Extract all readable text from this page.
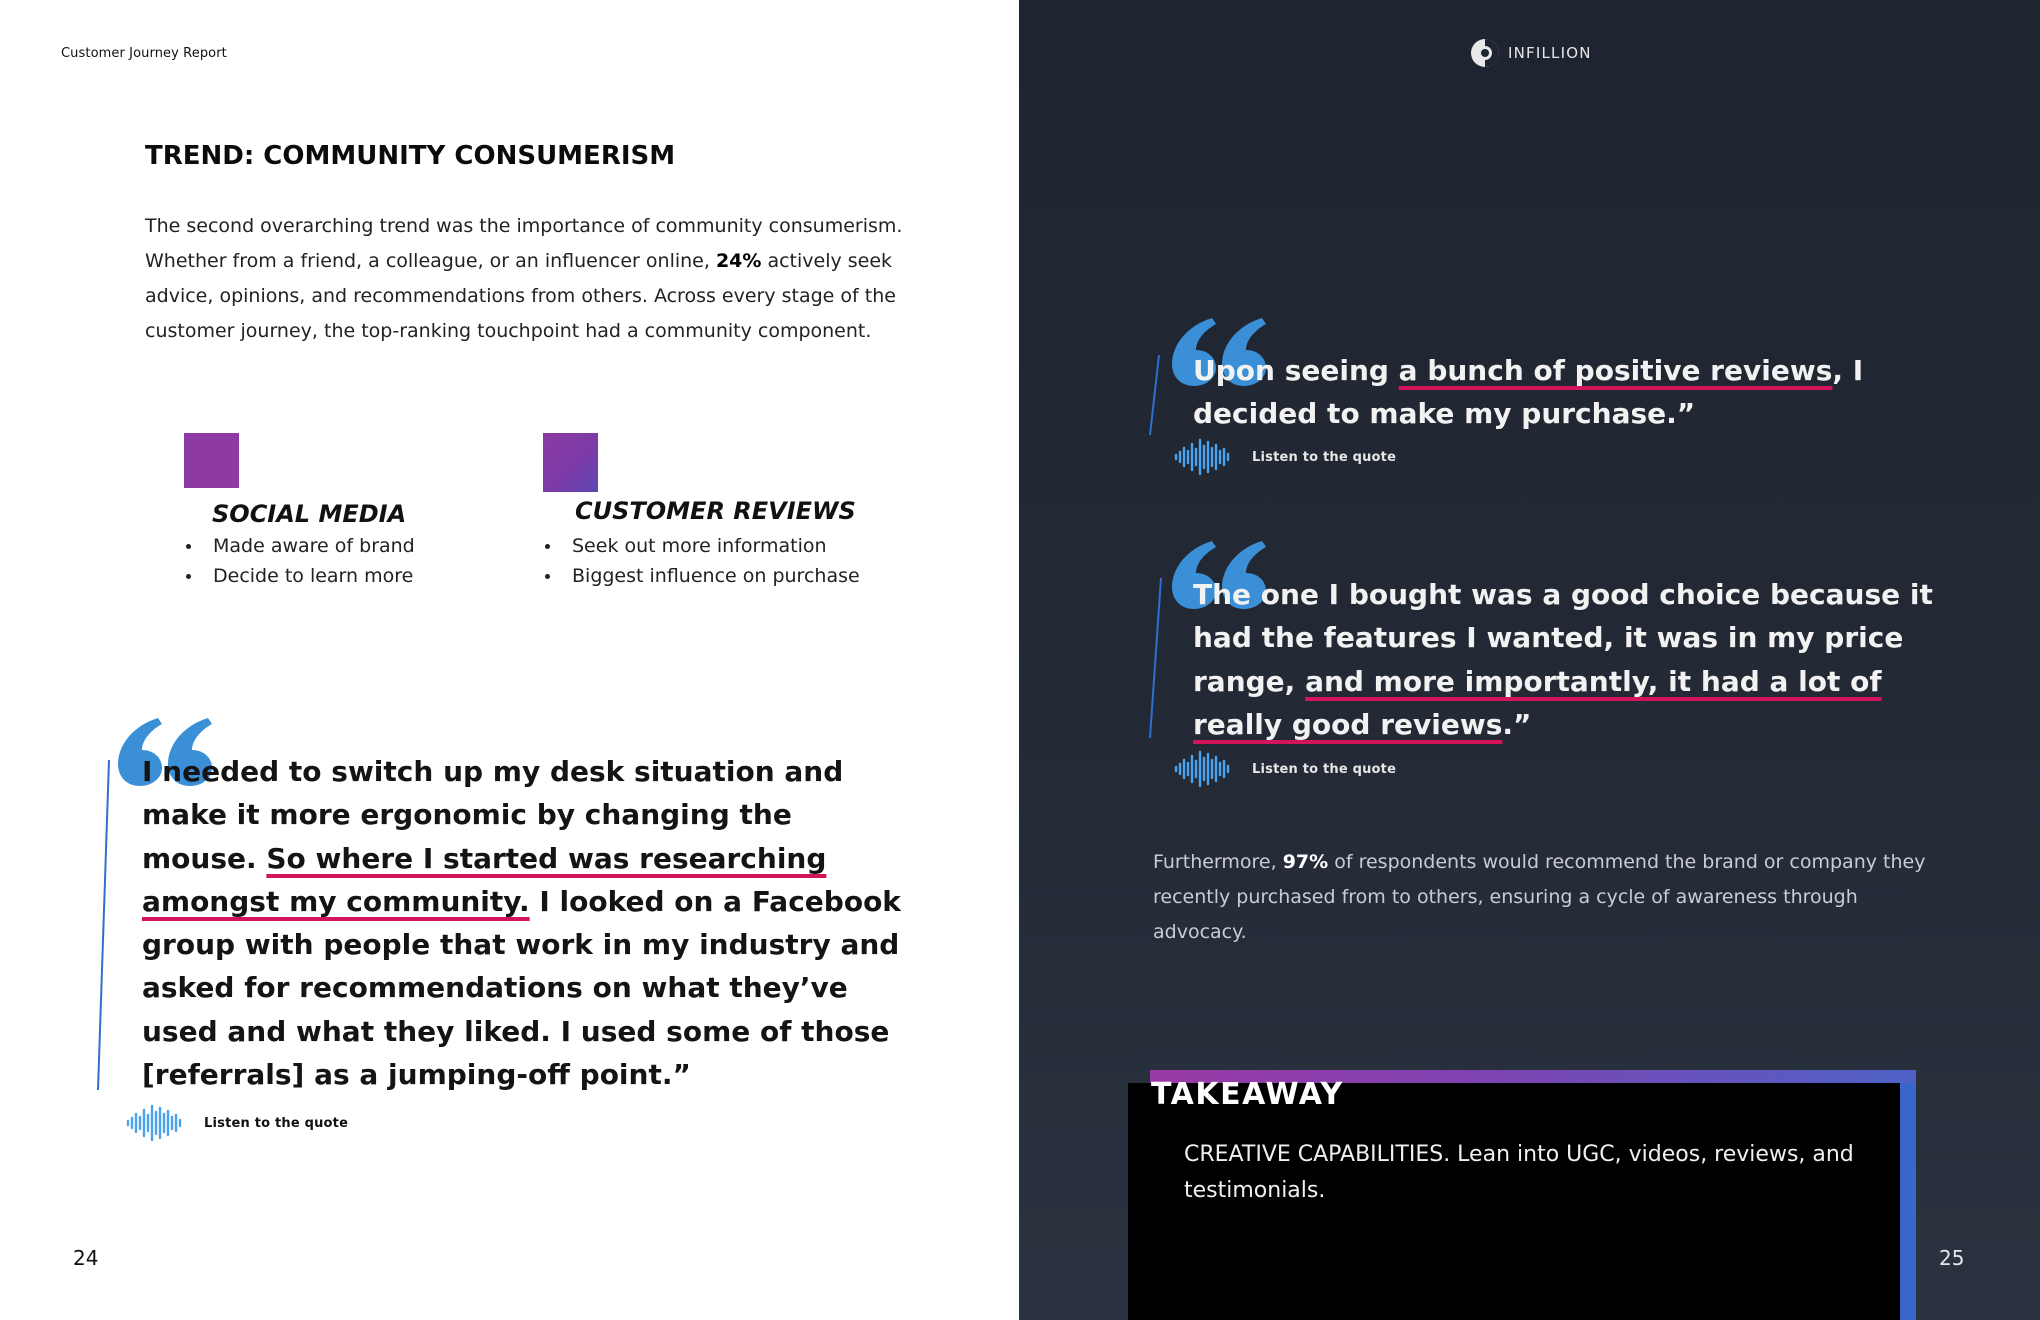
Customer Journey Report
TREND: COMMUNITY CONSUMERISM
The second overarching trend was the importance of community consumerism. Whether from a friend, a colleague, or an influencer online, 24% actively seek advice, opinions, and recommendations from others. Across every stage of the customer journey, the top-ranking touchpoint had a community component.
SOCIAL MEDIA
Made aware of brand
Decide to learn more
CUSTOMER REVIEWS
Seek out more information
Biggest influence on purchase

I needed to switch up my desk situation and make it more ergonomic by changing the mouse. So where I started was researching amongst my community. I looked on a Facebook group with people that work in my industry and asked for recommendations on what they’ve used and what they liked. I used some of those [referrals] as a jumping-off point.”

Listen to the quote
24
INFILLION

Upon seeing a bunch of positive reviews, I decided to make my purchase.”

Listen to the quote

The one I bought was a good choice because it had the features I wanted, it was in my price range, and more importantly, it had a lot of really good reviews.”

Listen to the quote
Furthermore, 97% of respondents would recommend the brand or company they recently purchased from to others, ensuring a cycle of awareness through advocacy.
TAKEAWAY
CREATIVE CAPABILITIES. Lean into UGC, videos, reviews, and testimonials.
25
